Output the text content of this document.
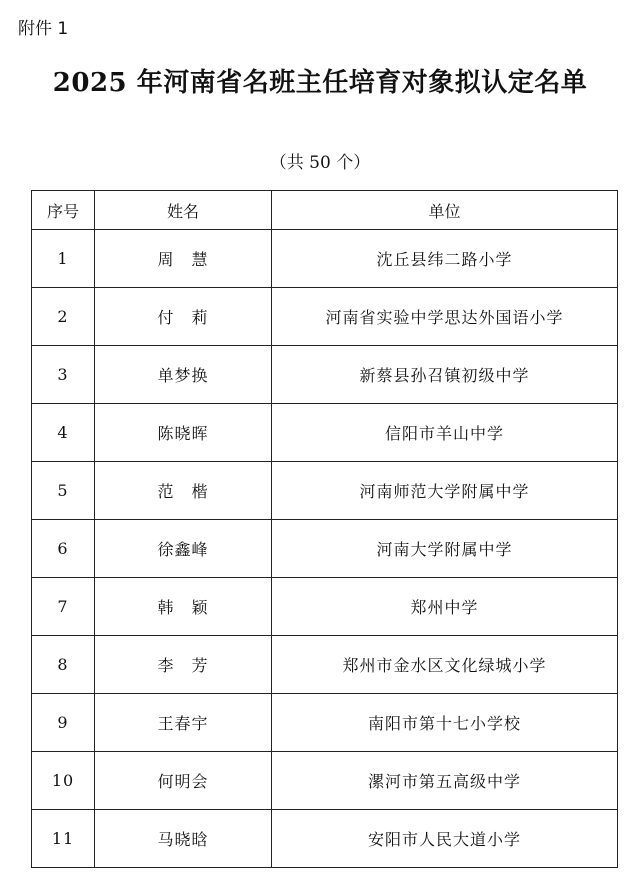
附件 1
2025 年河南省名班主任培育对象拟认定名单
（共 50 个）
序号	姓名	单位
1	周　慧	沈丘县纬二路小学
2	付　莉	河南省实验中学思达外国语小学
3	单梦换	新蔡县孙召镇初级中学
4	陈晓晖	信阳市羊山中学
5	范　楷	河南师范大学附属中学
6	徐鑫峰	河南大学附属中学
7	韩　颖	郑州中学
8	李　芳	郑州市金水区文化绿城小学
9	王春宇	南阳市第十七小学校
10	何明会	漯河市第五高级中学
11	马晓晗	安阳市人民大道小学
